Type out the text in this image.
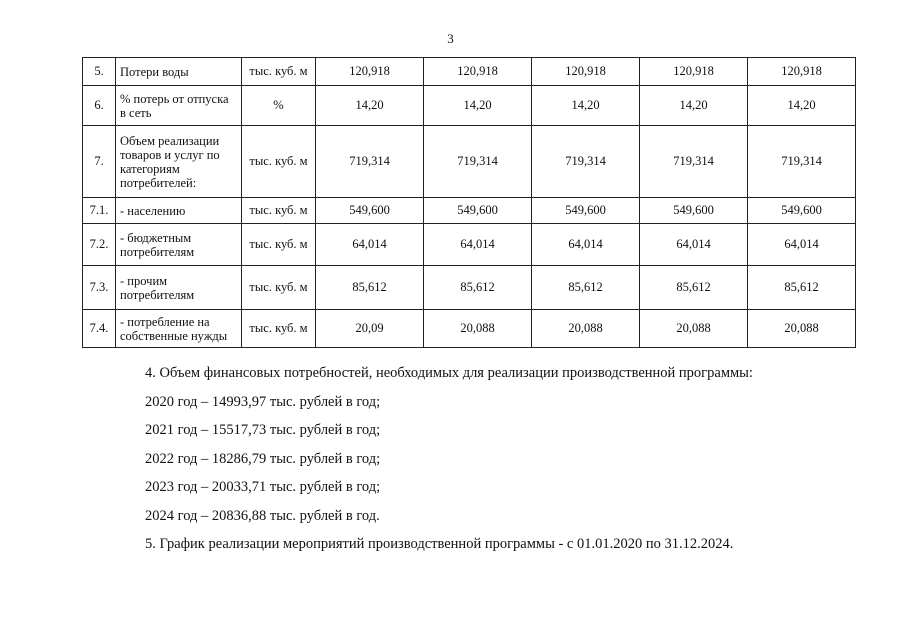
3
5.	Потери воды	тыс. куб. м	120,918	120,918	120,918	120,918	120,918
6.	% потерь от отпуска в сеть	%	14,20	14,20	14,20	14,20	14,20
7.	Объем реализации товаров и услуг по категориям потребителей:	тыс. куб. м	719,314	719,314	719,314	719,314	719,314
7.1.	- населению	тыс. куб. м	549,600	549,600	549,600	549,600	549,600
7.2.	- бюджетным потребителям	тыс. куб. м	64,014	64,014	64,014	64,014	64,014
7.3.	- прочим потребителям	тыс. куб. м	85,612	85,612	85,612	85,612	85,612
7.4.	- потребление на собственные нужды	тыс. куб. м	20,09	20,088	20,088	20,088	20,088

4. Объем финансовых потребностей, необходимых для реализации производственной программы:

2020 год – 14993,97 тыс. рублей в год;

2021 год – 15517,73 тыс. рублей в год;

2022 год – 18286,79 тыс. рублей в год;

2023 год – 20033,71 тыс. рублей в год;

2024 год – 20836,88 тыс. рублей в год.

5. График реализации мероприятий производственной программы - с 01.01.2020 по 31.12.2024.
